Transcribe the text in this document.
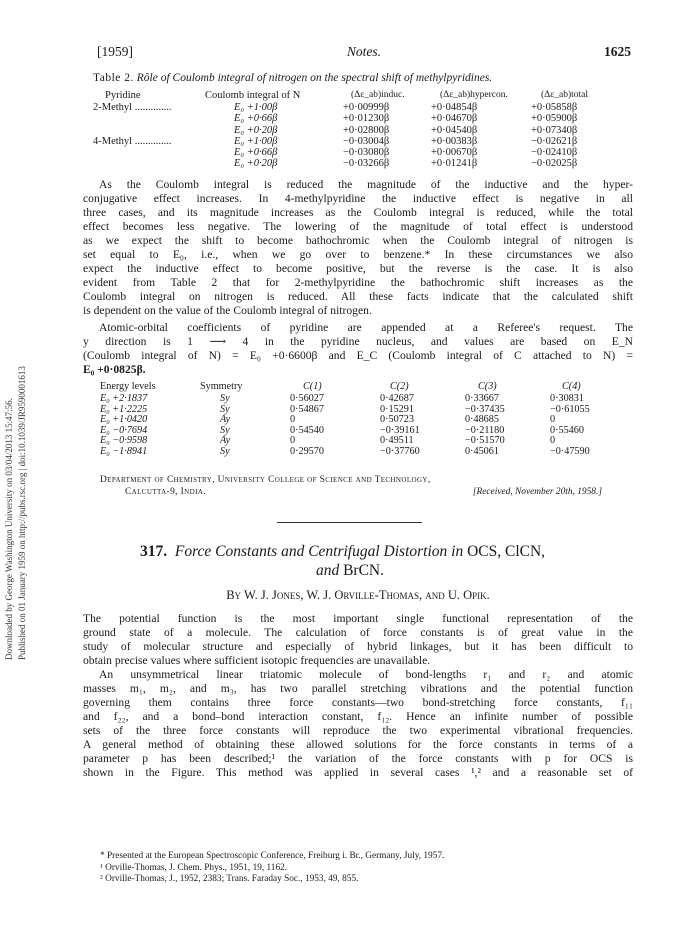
Downloaded by George Washington University on 03/04/2013 15:47:56. Published on 01 January 1959 on http://pubs.rsc.org | doi:10.1039/JR9590001613
[1959]	Notes.	1625
Table 2. Rôle of Coulomb integral of nitrogen on the spectral shift of methylpyridines.
Pyridine	Coulomb integral of N	(Δε_ab)induc.	(Δε_ab)hypercon.	(Δε_ab)total
2-Methyl ..............	E₀ +1·00β	+0·00999β	+0·04854β	+0·05858β
E₀ +0·66β	+0·01230β	+0·04670β	+0·05900β
E₀ +0·20β	+0·02800β	+0·04540β	+0·07340β
4-Methyl ..............	E₀ +1·00β	−0·03004β	+0·00383β	−0·02621β
E₀ +0·66β	−0·03080β	+0·00670β	−0·02410β
E₀ +0·20β	−0·03266β	+0·01241β	−0·02025β
As the Coulomb integral is reduced the magnitude of the inductive and the hyper-
conjugative effect increases. In 4-methylpyridine the inductive effect is negative in all
three cases, and its magnitude increases as the Coulomb integral is reduced, while the total
effect becomes less negative. The lowering of the magnitude of total effect is understood
as we expect the shift to become bathochromic when the Coulomb integral of nitrogen is
set equal to E₀, i.e., when we go over to benzene.* In these circumstances we also
expect the inductive effect to become positive, but the reverse is the case. It is also
evident from Table 2 that for 2-methylpyridine the bathochromic shift increases as the
Coulomb integral on nitrogen is reduced. All these facts indicate that the calculated shift
is dependent on the value of the Coulomb integral of nitrogen.
Atomic-orbital coefficients of pyridine are appended at a Referee's request. The
y direction is 1 ⟶ 4 in the pyridine nucleus, and values are based on E_N
(Coulomb integral of N) = E₀ +0·6600β and E_C (Coulomb integral of C attached to N) =
E₀ +0·0825β.
Energy levels	Symmetry	C(1)	C(2)	C(3)	C(4)
E₀ +2·1837	Sy	0·56027	0·42687	0·33667	0·30831
E₀ +1·2225	Sy	0·54867	0·15291	−0·37435	−0·61055
E₀ +1·0420	Ay	0	0·50723	0·48685	0
E₀ −0·7694	Sy	0·54540	−0·39161	−0·21180	0·55460
E₀ −0·9598	Ay	0	0·49511	−0·51570	0
E₀ −1·8941	Sy	0·29570	−0·37760	0·45061	−0·47590
Department of Chemistry, University College of Science and Technology,
Calcutta-9, India.	[Received, November 20th, 1958.]
317. Force Constants and Centrifugal Distortion in OCS, ClCN,
and BrCN.
By W. J. Jones, W. J. Orville-Thomas, and U. Opik.
The potential function is the most important single functional representation of the
ground state of a molecule. The calculation of force constants is of great value in the
study of molecular structure and especially of hybrid linkages, but it has been difficult to
obtain precise values where sufficient isotopic frequencies are unavailable.
An unsymmetrical linear triatomic molecule of bond-lengths r₁ and r₂ and atomic
masses m₁, m₂, and m₃, has two parallel stretching vibrations and the potential function
governing them contains three force constants—two bond-stretching force constants, f₁₁
and f₂₂, and a bond–bond interaction constant, f₁₂. Hence an infinite number of possible
sets of the three force constants will reproduce the two experimental vibrational frequencies.
A general method of obtaining these allowed solutions for the force constants in terms of a
parameter p has been described;¹ the variation of the force constants with p for OCS is
shown in the Figure. This method was applied in several cases ¹,² and a reasonable set of
* Presented at the European Spectroscopic Conference, Freiburg i. Br., Germany, July, 1957.
¹ Orville-Thomas, J. Chem. Phys., 1951, 19, 1162.
² Orville-Thomas, J., 1952, 2383; Trans. Faraday Soc., 1953, 49, 855.
